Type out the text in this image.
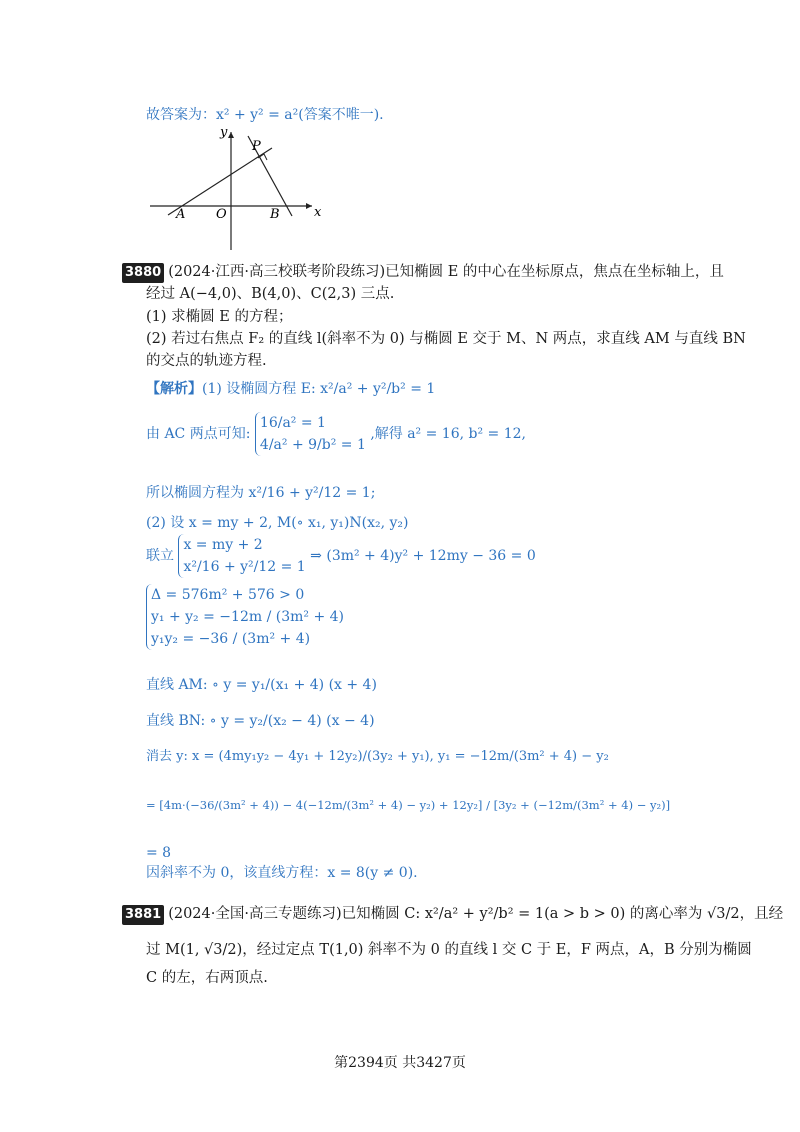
故答案为：x² + y² = a²(答案不唯一).
y
x
P
A O	B
3880 (2024·江西·高三校联考阶段练习)已知椭圆 E 的中心在坐标原点，焦点在坐标轴上，且
经过 A(−4,0)、B(4,0)、C(2,3) 三点.
(1) 求椭圆 E 的方程；
(2) 若过右焦点 F₂ 的直线 l(斜率不为 0) 与椭圆 E 交于 M、N 两点，求直线 AM 与直线 BN
的交点的轨迹方程.
【解析】(1) 设椭圆方程 E: x²/a² + y²/b² = 1
由 AC 两点可知:
16/a² = 1
4/a² + 9/b² = 1
,解得 a² = 16, b² = 12,
所以椭圆方程为 x²/16 + y²/12 = 1;
(2) 设 x = my + 2, M(∘ x₁, y₁)N(x₂, y₂)
联立
x = my + 2
x²/16 + y²/12 = 1
⇒ (3m² + 4)y² + 12my − 36 = 0
Δ = 576m² + 576 > 0
y₁ + y₂ = −12m / (3m² + 4)
y₁y₂ = −36 / (3m² + 4)
直线 AM: ∘ y = y₁/(x₁ + 4) (x + 4)
直线 BN: ∘ y = y₂/(x₂ − 4) (x − 4)
消去 y: x = (4my₁y₂ − 4y₁ + 12y₂)/(3y₂ + y₁), y₁ = −12m/(3m² + 4) − y₂
= [4m·(−36/(3m² + 4)) − 4(−12m/(3m² + 4) − y₂) + 12y₂] / [3y₂ + (−12m/(3m² + 4) − y₂)]
= 8
因斜率不为 0，该直线方程：x = 8(y ≠ 0).
3881 (2024·全国·高三专题练习)已知椭圆 C: x²/a² + y²/b² = 1(a > b > 0) 的离心率为 √3/2，且经
过 M(1, √3/2)，经过定点 T(1,0) 斜率不为 0 的直线 l 交 C 于 E，F 两点，A，B 分别为椭圆
C 的左，右两顶点.
第2394页 共3427页
